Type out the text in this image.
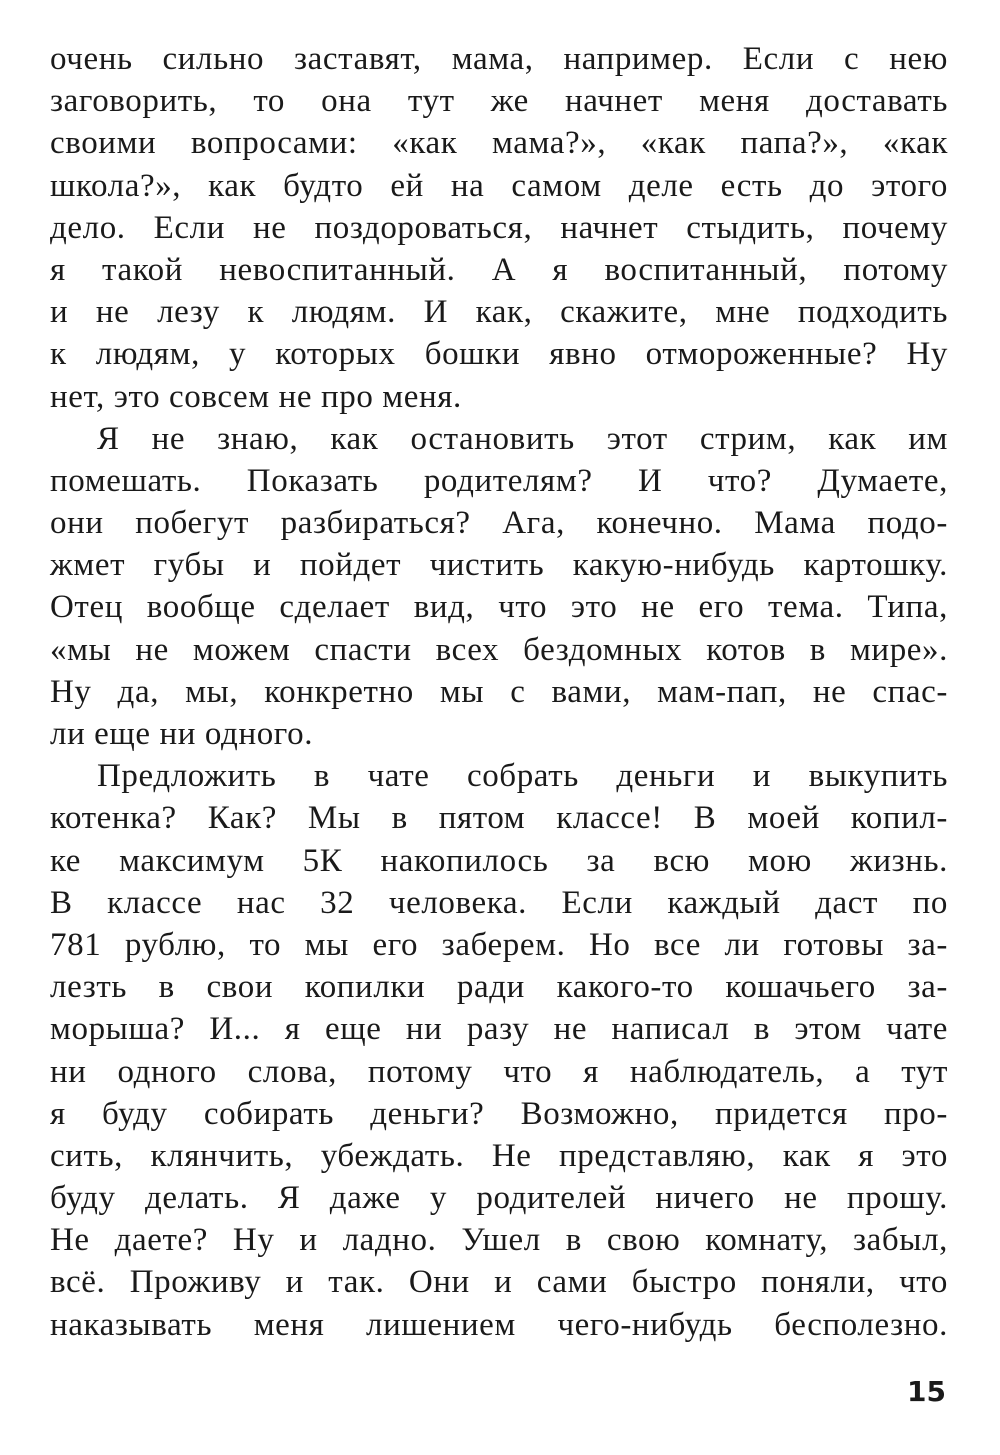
очень сильно заставят, мама, например. Если с нею
заговорить, то она тут же начнет меня доставать
своими вопросами: «как мама?», «как папа?», «как
школа?», как будто ей на самом деле есть до этого
дело. Если не поздороваться, начнет стыдить, почему
я такой невоспитанный. А я воспитанный, потому
и не лезу к людям. И как, скажите, мне подходить
к людям, у которых бошки явно отмороженные? Ну
нет, это совсем не про меня.
Я не знаю, как остановить этот стрим, как им
помешать. Показать родителям? И что? Думаете,
они побегут разбираться? Ага, конечно. Мама подо-
жмет губы и пойдет чистить какую-нибудь картошку.
Отец вообще сделает вид, что это не его тема. Типа,
«мы не можем спасти всех бездомных котов в мире».
Ну да, мы, конкретно мы с вами, мам-пап, не спас-
ли еще ни одного.
Предложить в чате собрать деньги и выкупить
котенка? Как? Мы в пятом классе! В моей копил-
ке максимум 5К накопилось за всю мою жизнь.
В классе нас 32 человека. Если каждый даст по
781 рублю, то мы его заберем. Но все ли готовы за-
лезть в свои копилки ради какого-то кошачьего за-
морыша? И... я еще ни разу не написал в этом чате
ни одного слова, потому что я наблюдатель, а тут
я буду собирать деньги? Возможно, придется про-
сить, клянчить, убеждать. Не представляю, как я это
буду делать. Я даже у родителей ничего не прошу.
Не даете? Ну и ладно. Ушел в свою комнату, забыл,
всё. Проживу и так. Они и сами быстро поняли, что
наказывать меня лишением чего-нибудь бесполезно.
15
